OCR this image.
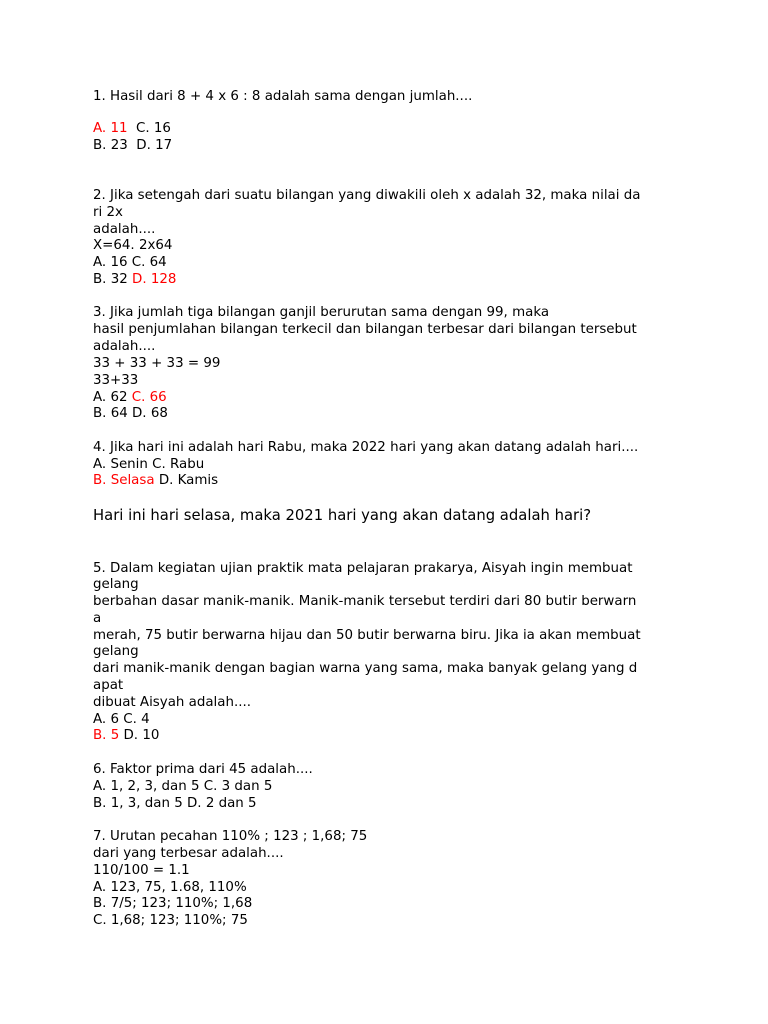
1. Hasil dari 8 + 4 x 6 : 8 adalah sama dengan jumlah....
A. 11 C. 16
B. 23 D. 17
2. Jika setengah dari suatu bilangan yang diwakili oleh x adalah 32, maka nilai da
ri 2x
adalah....
X=64. 2x64
A. 16 C. 64
B. 32 D. 128
3. Jika jumlah tiga bilangan ganjil berurutan sama dengan 99, maka
hasil penjumlahan bilangan terkecil dan bilangan terbesar dari bilangan tersebut
adalah....
33 + 33 + 33 = 99
33+33
A. 62 C. 66
B. 64 D. 68
4. Jika hari ini adalah hari Rabu, maka 2022 hari yang akan datang adalah hari....
A. Senin C. Rabu
B. Selasa D. Kamis
Hari ini hari selasa, maka 2021 hari yang akan datang adalah hari?
5. Dalam kegiatan ujian praktik mata pelajaran prakarya, Aisyah ingin membuat
gelang
berbahan dasar manik-manik. Manik-manik tersebut terdiri dari 80 butir berwarn
a
merah, 75 butir berwarna hijau dan 50 butir berwarna biru. Jika ia akan membuat
gelang
dari manik-manik dengan bagian warna yang sama, maka banyak gelang yang d
apat
dibuat Aisyah adalah....
A. 6 C. 4
B. 5 D. 10
6. Faktor prima dari 45 adalah....
A. 1, 2, 3, dan 5 C. 3 dan 5
B. 1, 3, dan 5 D. 2 dan 5
7. Urutan pecahan 110% ; 123 ; 1,68; 75
dari yang terbesar adalah....
110/100 = 1.1
A. 123, 75, 1.68, 110%
B. 7/5; 123; 110%; 1,68
C. 1,68; 123; 110%; 75
